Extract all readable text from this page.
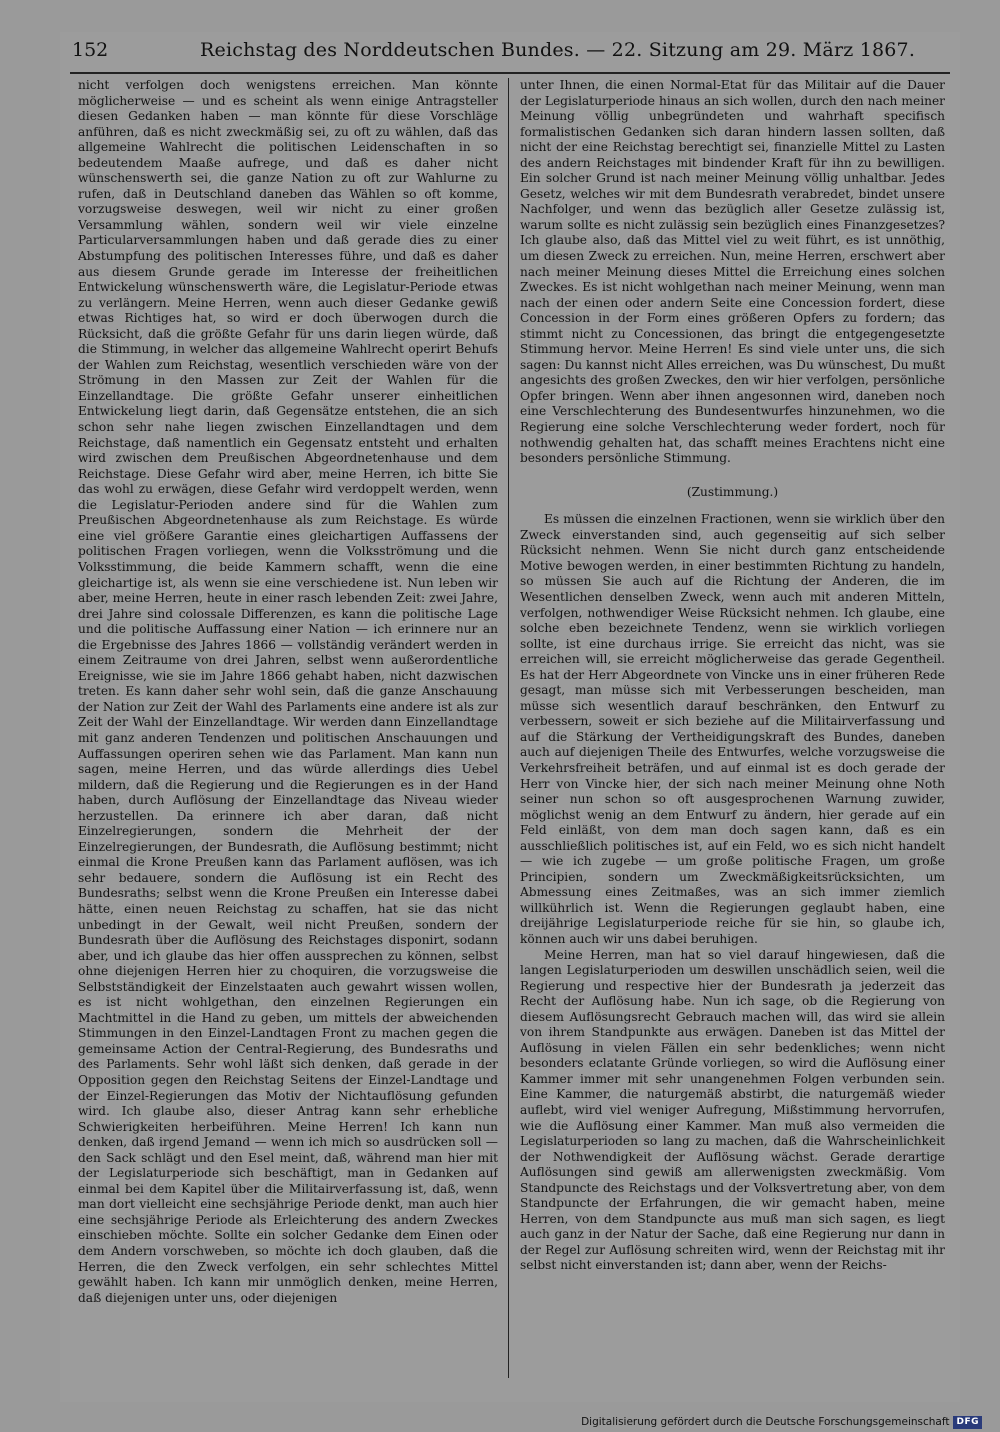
152	Reichstag des Norddeutschen Bundes. — 22. Sitzung am 29. März 1867.

nicht verfolgen doch wenigstens erreichen. Man könnte möglicherweise — und es scheint als wenn einige Antragsteller diesen Gedanken haben — man könnte für diese Vorschläge anführen, daß es nicht zweckmäßig sei, zu oft zu wählen, daß das allgemeine Wahlrecht die politischen Leidenschaften in so bedeutendem Maaße aufrege, und daß es daher nicht wünschenswerth sei, die ganze Nation zu oft zur Wahlurne zu rufen, daß in Deutschland daneben das Wählen so oft komme, vorzugsweise deswegen, weil wir nicht zu einer großen Versammlung wählen, sondern weil wir viele einzelne Particularversammlungen haben und daß gerade dies zu einer Abstumpfung des politischen Interesses führe, und daß es daher aus diesem Grunde gerade im Interesse der freiheitlichen Entwickelung wünschenswerth wäre, die Legislatur-Periode etwas zu verlängern. Meine Herren, wenn auch dieser Gedanke gewiß etwas Richtiges hat, so wird er doch überwogen durch die Rücksicht, daß die größte Gefahr für uns darin liegen würde, daß die Stimmung, in welcher das allgemeine Wahlrecht operirt Behufs der Wahlen zum Reichstag, wesentlich verschieden wäre von der Strömung in den Massen zur Zeit der Wahlen für die Einzellandtage. Die größte Gefahr unserer einheitlichen Entwickelung liegt darin, daß Gegensätze entstehen, die an sich schon sehr nahe liegen zwischen Einzellandtagen und dem Reichstage, daß namentlich ein Gegensatz entsteht und erhalten wird zwischen dem Preußischen Abgeordnetenhause und dem Reichstage. Diese Gefahr wird aber, meine Herren, ich bitte Sie das wohl zu erwägen, diese Gefahr wird verdoppelt werden, wenn die Legislatur-Perioden andere sind für die Wahlen zum Preußischen Abgeordnetenhause als zum Reichstage. Es würde eine viel größere Garantie eines gleichartigen Auffassens der politischen Fragen vorliegen, wenn die Volksströmung und die Volksstimmung, die beide Kammern schafft, wenn die eine gleichartige ist, als wenn sie eine verschiedene ist. Nun leben wir aber, meine Herren, heute in einer rasch lebenden Zeit: zwei Jahre, drei Jahre sind colossale Differenzen, es kann die politische Lage und die politische Auffassung einer Nation — ich erinnere nur an die Ergebnisse des Jahres 1866 — vollständig verändert werden in einem Zeitraume von drei Jahren, selbst wenn außerordentliche Ereignisse, wie sie im Jahre 1866 gehabt haben, nicht dazwischen treten. Es kann daher sehr wohl sein, daß die ganze Anschauung der Nation zur Zeit der Wahl des Parlaments eine andere ist als zur Zeit der Wahl der Einzellandtage. Wir werden dann Einzellandtage mit ganz anderen Tendenzen und politischen Anschauungen und Auffassungen operiren sehen wie das Parlament. Man kann nun sagen, meine Herren, und das würde allerdings dies Uebel mildern, daß die Regierung und die Regierungen es in der Hand haben, durch Auflösung der Einzellandtage das Niveau wieder herzustellen. Da erinnere ich aber daran, daß nicht Einzelregierungen, sondern die Mehrheit der der Einzelregierungen, der Bundesrath, die Auflösung bestimmt; nicht einmal die Krone Preußen kann das Parlament auflösen, was ich sehr bedauere, sondern die Auflösung ist ein Recht des Bundesraths; selbst wenn die Krone Preußen ein Interesse dabei hätte, einen neuen Reichstag zu schaffen, hat sie das nicht unbedingt in der Gewalt, weil nicht Preußen, sondern der Bundesrath über die Auflösung des Reichstages disponirt, sodann aber, und ich glaube das hier offen aussprechen zu können, selbst ohne diejenigen Herren hier zu choquiren, die vorzugsweise die Selbstständigkeit der Einzelstaaten auch gewahrt wissen wollen, es ist nicht wohlgethan, den einzelnen Regierungen ein Machtmittel in die Hand zu geben, um mittels der abweichenden Stimmungen in den Einzel-Landtagen Front zu machen gegen die gemeinsame Action der Central-Regierung, des Bundesraths und des Parlaments. Sehr wohl läßt sich denken, daß gerade in der Opposition gegen den Reichstag Seitens der Einzel-Landtage und der Einzel-Regierungen das Motiv der Nichtauflösung gefunden wird. Ich glaube also, dieser Antrag kann sehr erhebliche Schwierigkeiten herbeiführen. Meine Herren! Ich kann nun denken, daß irgend Jemand — wenn ich mich so ausdrücken soll — den Sack schlägt und den Esel meint, daß, während man hier mit der Legislaturperiode sich beschäftigt, man in Gedanken auf einmal bei dem Kapitel über die Militairverfassung ist, daß, wenn man dort vielleicht eine sechsjährige Periode denkt, man auch hier eine sechsjährige Periode als Erleichterung des andern Zweckes einschieben möchte. Sollte ein solcher Gedanke dem Einen oder dem Andern vorschweben, so möchte ich doch glauben, daß die Herren, die den Zweck verfolgen, ein sehr schlechtes Mittel gewählt haben. Ich kann mir unmöglich denken, meine Herren, daß diejenigen unter uns, oder diejenigen

unter Ihnen, die einen Normal-Etat für das Militair auf die Dauer der Legislaturperiode hinaus an sich wollen, durch den nach meiner Meinung völlig unbegründeten und wahrhaft specifisch formalistischen Gedanken sich daran hindern lassen sollten, daß nicht der eine Reichstag berechtigt sei, finanzielle Mittel zu Lasten des andern Reichstages mit bindender Kraft für ihn zu bewilligen. Ein solcher Grund ist nach meiner Meinung völlig unhaltbar. Jedes Gesetz, welches wir mit dem Bundesrath verabredet, bindet unsere Nachfolger, und wenn das bezüglich aller Gesetze zulässig ist, warum sollte es nicht zulässig sein bezüglich eines Finanzgesetzes? Ich glaube also, daß das Mittel viel zu weit führt, es ist unnöthig, um diesen Zweck zu erreichen. Nun, meine Herren, erschwert aber nach meiner Meinung dieses Mittel die Erreichung eines solchen Zweckes. Es ist nicht wohlgethan nach meiner Meinung, wenn man nach der einen oder andern Seite eine Concession fordert, diese Concession in der Form eines größeren Opfers zu fordern; das stimmt nicht zu Concessionen, das bringt die entgegengesetzte Stimmung hervor. Meine Herren! Es sind viele unter uns, die sich sagen: Du kannst nicht Alles erreichen, was Du wünschest, Du mußt angesichts des großen Zweckes, den wir hier verfolgen, persönliche Opfer bringen. Wenn aber ihnen angesonnen wird, daneben noch eine Verschlechterung des Bundesentwurfes hinzunehmen, wo die Regierung eine solche Verschlechterung weder fordert, noch für nothwendig gehalten hat, das schafft meines Erachtens nicht eine besonders persönliche Stimmung.

(Zustimmung.)

Es müssen die einzelnen Fractionen, wenn sie wirklich über den Zweck einverstanden sind, auch gegenseitig auf sich selber Rücksicht nehmen. Wenn Sie nicht durch ganz entscheidende Motive bewogen werden, in einer bestimmten Richtung zu handeln, so müssen Sie auch auf die Richtung der Anderen, die im Wesentlichen denselben Zweck, wenn auch mit anderen Mitteln, verfolgen, nothwendiger Weise Rücksicht nehmen. Ich glaube, eine solche eben bezeichnete Tendenz, wenn sie wirklich vorliegen sollte, ist eine durchaus irrige. Sie erreicht das nicht, was sie erreichen will, sie erreicht möglicherweise das gerade Gegentheil. Es hat der Herr Abgeordnete von Vincke uns in einer früheren Rede gesagt, man müsse sich mit Verbesserungen bescheiden, man müsse sich wesentlich darauf beschränken, den Entwurf zu verbessern, soweit er sich beziehe auf die Militairverfassung und auf die Stärkung der Vertheidigungskraft des Bundes, daneben auch auf diejenigen Theile des Entwurfes, welche vorzugsweise die Verkehrsfreiheit beträfen, und auf einmal ist es doch gerade der Herr von Vincke hier, der sich nach meiner Meinung ohne Noth seiner nun schon so oft ausgesprochenen Warnung zuwider, möglichst wenig an dem Entwurf zu ändern, hier gerade auf ein Feld einläßt, von dem man doch sagen kann, daß es ein ausschließlich politisches ist, auf ein Feld, wo es sich nicht handelt — wie ich zugebe — um große politische Fragen, um große Principien, sondern um Zweckmäßigkeitsrücksichten, um Abmessung eines Zeitmaßes, was an sich immer ziemlich willkührlich ist. Wenn die Regierungen geglaubt haben, eine dreijährige Legislaturperiode reiche für sie hin, so glaube ich, können auch wir uns dabei beruhigen.

Meine Herren, man hat so viel darauf hingewiesen, daß die langen Legislaturperioden um deswillen unschädlich seien, weil die Regierung und respective hier der Bundesrath ja jederzeit das Recht der Auflösung habe. Nun ich sage, ob die Regierung von diesem Auflösungsrecht Gebrauch machen will, das wird sie allein von ihrem Standpunkte aus erwägen. Daneben ist das Mittel der Auflösung in vielen Fällen ein sehr bedenkliches; wenn nicht besonders eclatante Gründe vorliegen, so wird die Auflösung einer Kammer immer mit sehr unangenehmen Folgen verbunden sein. Eine Kammer, die naturgemäß abstirbt, die naturgemäß wieder auflebt, wird viel weniger Aufregung, Mißstimmung hervorrufen, wie die Auflösung einer Kammer. Man muß also vermeiden die Legislaturperioden so lang zu machen, daß die Wahrscheinlichkeit der Nothwendigkeit der Auflösung wächst. Gerade derartige Auflösungen sind gewiß am allerwenigsten zweckmäßig. Vom Standpuncte des Reichstags und der Volksvertretung aber, von dem Standpuncte der Erfahrungen, die wir gemacht haben, meine Herren, von dem Standpuncte aus muß man sich sagen, es liegt auch ganz in der Natur der Sache, daß eine Regierung nur dann in der Regel zur Auflösung schreiten wird, wenn der Reichstag mit ihr selbst nicht einverstanden ist; dann aber, wenn der Reichs-

Digitalisierung gefördert durch die Deutsche Forschungsgemeinschaft DFG
